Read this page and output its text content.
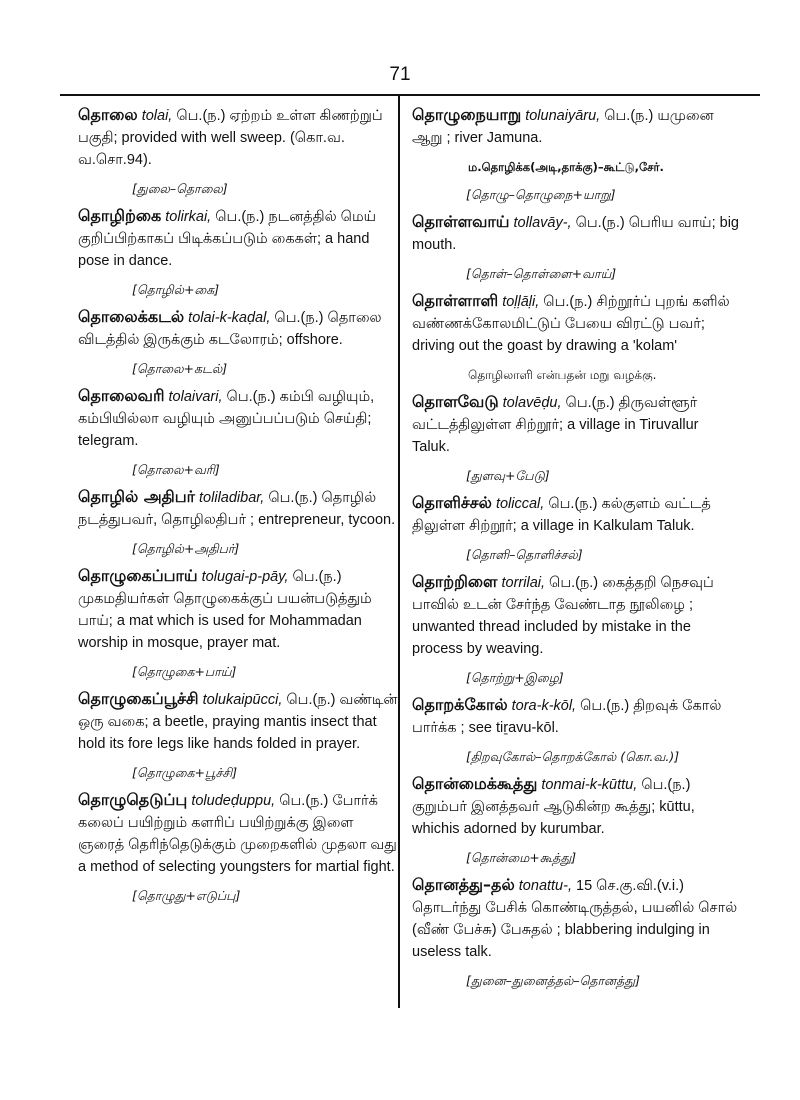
71
தொலை tolai, பெ.(ந.) ஏற்றம் உள்ள கிணற்றுப் பகுதி; provided with well sweep. (கொ.வ. வ.சொ.94).
[துலை–தொலை]
தொழிற்கை tolirkai, பெ.(ந.) நடனத்தில் மெய் குறிப்பிற்காகப் பிடிக்கப்படும் கைகள்; a hand pose in dance.
[தொழில்+கை]
தொலைக்கடல் tolai-k-kaḍal, பெ.(ந.) தொலை விடத்தில் இருக்கும் கடலோரம்; offshore.
[தொலை+கடல்]
தொலைவரி tolaivari, பெ.(ந.) கம்பி வழியும், கம்பியில்லா வழியும் அனுப்பப்படும் செய்தி; telegram.
[தொலை+வரி]
தொழில் அதிபர் toliladibar, பெ.(ந.) தொழில் நடத்துபவர், தொழிலதிபர் ; entrepreneur, tycoon.
[தொழில்+அதிபர்]
தொழுகைப்பாய் tolugai-p-pāy, பெ.(ந.) முகமதியர்கள் தொழுகைக்குப் பயன்படுத்தும் பாய்; a mat which is used for Mohammadan worship in mosque, prayer mat.
[தொழுகை+பாய்]
தொழுகைப்பூச்சி tolukaipūcci, பெ.(ந.) வண்டின் ஒரு வகை; a beetle, praying mantis insect that hold its fore legs like hands folded in prayer.
[தொழுகை+பூச்சி]
தொழுதெடுப்பு toludeḍuppu, பெ.(ந.) போர்க் கலைப் பயிற்றும் களரிப் பயிற்றுக்கு இளை ஞரைத் தெரிந்தெடுக்கும் முறைகளில் முதலா வது; a method of selecting youngsters for martial fight.
[தொழுது+எடுப்பு]
தொழுநையாறு tolunaiyāru, பெ.(ந.) யமுனை ஆறு ; river Jamuna.
ம.தொழிக்க(அடி,தாக்கு)–கூட்டு,சேர்.
[தொழு–தொழுநை+யாறு]
தொள்ளவாய் tollavāy-, பெ.(ந.) பெரிய வாய்; big mouth.
[தொள்–தொள்ளை+வாய்]
தொள்ளாளி toḷḷāḷi, பெ.(ந.) சிற்றூர்ப் புறங் களில் வண்ணக்கோலமிட்டுப் பேயை விரட்டு பவர்; driving out the goast by drawing a 'kolam'
தொழிலாளி என்பதன் மறு வழக்கு.
தொளவேடு tolavēḍu, பெ.(ந.) திருவள்ளூர் வட்டத்திலுள்ள சிற்றூர்; a village in Tiruvallur Taluk.
[துளவு+பேடு]
தொளிச்சல் toliccal, பெ.(ந.) கல்குளம் வட்டத் திலுள்ள சிற்றூர்; a village in Kalkulam Taluk.
[தொளி–தொளிச்சல்]
தொற்றிளை torrilai, பெ.(ந.) கைத்தறி நெசவுப் பாவில் உடன் சேர்ந்த வேண்டாத நூலிழை ; unwanted thread included by mistake in the process by weaving.
[தொற்று+இழை]
தொறக்கோல் tora-k-kōl, பெ.(ந.) திறவுக் கோல் பார்க்க ; see tiṟavu-kōl.
[திறவுகோல்–தொறக்கோல் (கொ.வ.)]
தொன்மைக்கூத்து tonmai-k-kūttu, பெ.(ந.) குறும்பர் இனத்தவர் ஆடுகின்ற கூத்து; kūttu, whichis adorned by kurumbar.
[தொன்மை+கூத்து]
தொனத்து–தல் tonattu-, 15 செ.கு.வி.(v.i.) தொடர்ந்து பேசிக் கொண்டிருத்தல், பயனில் சொல் (வீண் பேச்சு) பேசுதல் ; blabbering indulging in useless talk.
[துனை–துனைத்தல்–தொனத்து]
